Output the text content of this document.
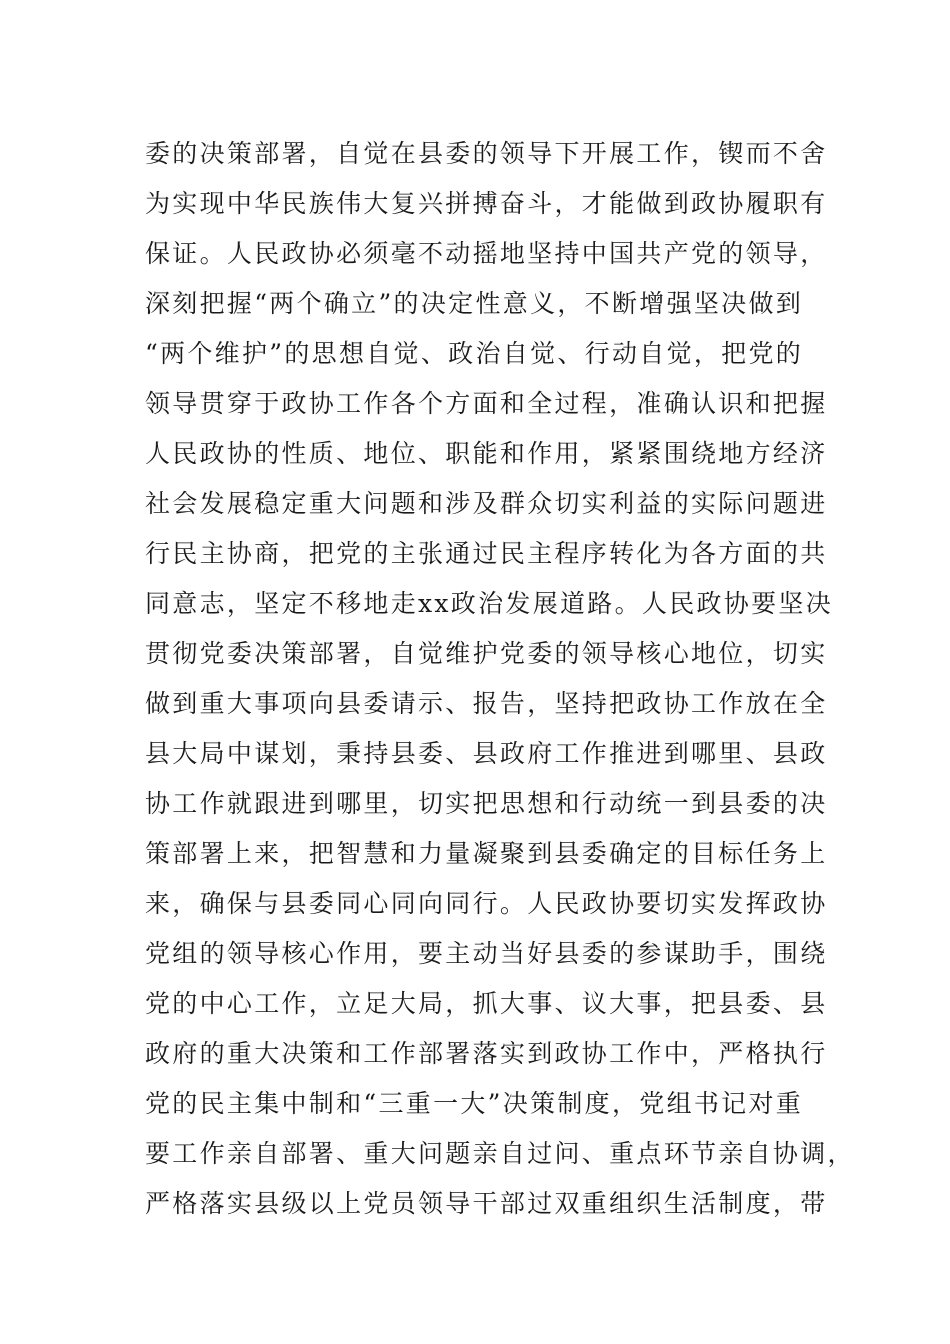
委的决策部署，自觉在县委的领导下开展工作，锲而不舍
为实现中华民族伟大复兴拼搏奋斗，才能做到政协履职有
保证。人民政协必须毫不动摇地坚持中国共产党的领导，
深刻把握“两个确立”的决定性意义，不断增强坚决做到
“两个维护”的思想自觉、政治自觉、行动自觉，把党的
领导贯穿于政协工作各个方面和全过程，准确认识和把握
人民政协的性质、地位、职能和作用，紧紧围绕地方经济
社会发展稳定重大问题和涉及群众切实利益的实际问题进
行民主协商，把党的主张通过民主程序转化为各方面的共
同意志，坚定不移地走xx政治发展道路。人民政协要坚决
贯彻党委决策部署，自觉维护党委的领导核心地位，切实
做到重大事项向县委请示、报告，坚持把政协工作放在全
县大局中谋划，秉持县委、县政府工作推进到哪里、县政
协工作就跟进到哪里，切实把思想和行动统一到县委的决
策部署上来，把智慧和力量凝聚到县委确定的目标任务上
来，确保与县委同心同向同行。人民政协要切实发挥政协
党组的领导核心作用，要主动当好县委的参谋助手，围绕
党的中心工作，立足大局，抓大事、议大事，把县委、县
政府的重大决策和工作部署落实到政协工作中，严格执行
党的民主集中制和“三重一大”决策制度，党组书记对重
要工作亲自部署、重大问题亲自过问、重点环节亲自协调，
严格落实县级以上党员领导干部过双重组织生活制度，带
